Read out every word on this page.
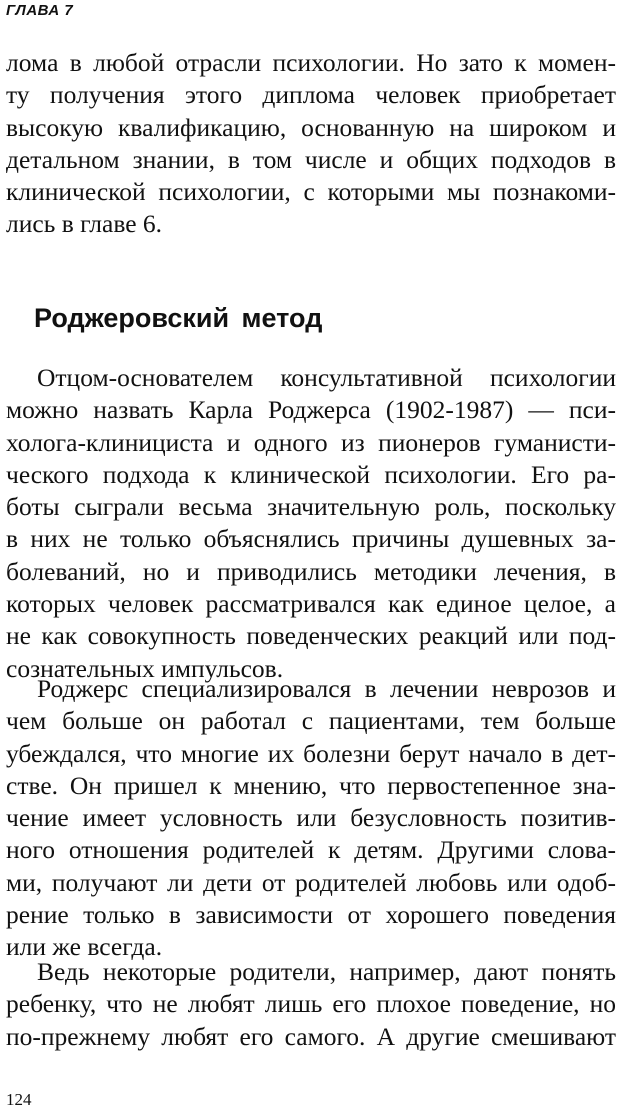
ГЛАВА 7
ломa в любой отрасли психологии. Но зато к момен-
ту получения этого диплома человек приобретает
высокую квалификацию, основанную на широком и
детальном знании, в том числе и общих подходов в
клинической психологии, с которыми мы познакоми-
лись в главе 6.
Роджеровский метод
Отцом-основателем консультативной психологии
можно назвать Карла Роджерса (1902-1987) — пси-
холога-клинициста и одного из пионеров гуманисти-
ческого подхода к клинической психологии. Его ра-
боты сыграли весьма значительную роль, поскольку
в них не только объяснялись причины душевных за-
болеваний, но и приводились методики лечения, в
которых человек рассматривался как единое целое, а
не как совокупность поведенческих реакций или под-
сознательных импульсов.
Роджерс специализировался в лечении неврозов и
чем больше он работал с пациентами, тем больше
убеждался, что многие их болезни берут начало в дет-
стве. Он пришел к мнению, что первостепенное зна-
чение имеет условность или безусловность позитив-
ного отношения родителей к детям. Другими слова-
ми, получают ли дети от родителей любовь или одоб-
рение только в зависимости от хорошего поведения
или же всегда.
Ведь некоторые родители, например, дают понять
ребенку, что не любят лишь его плохое поведение, но
по-прежнему любят его самого. А другие смешивают
124
